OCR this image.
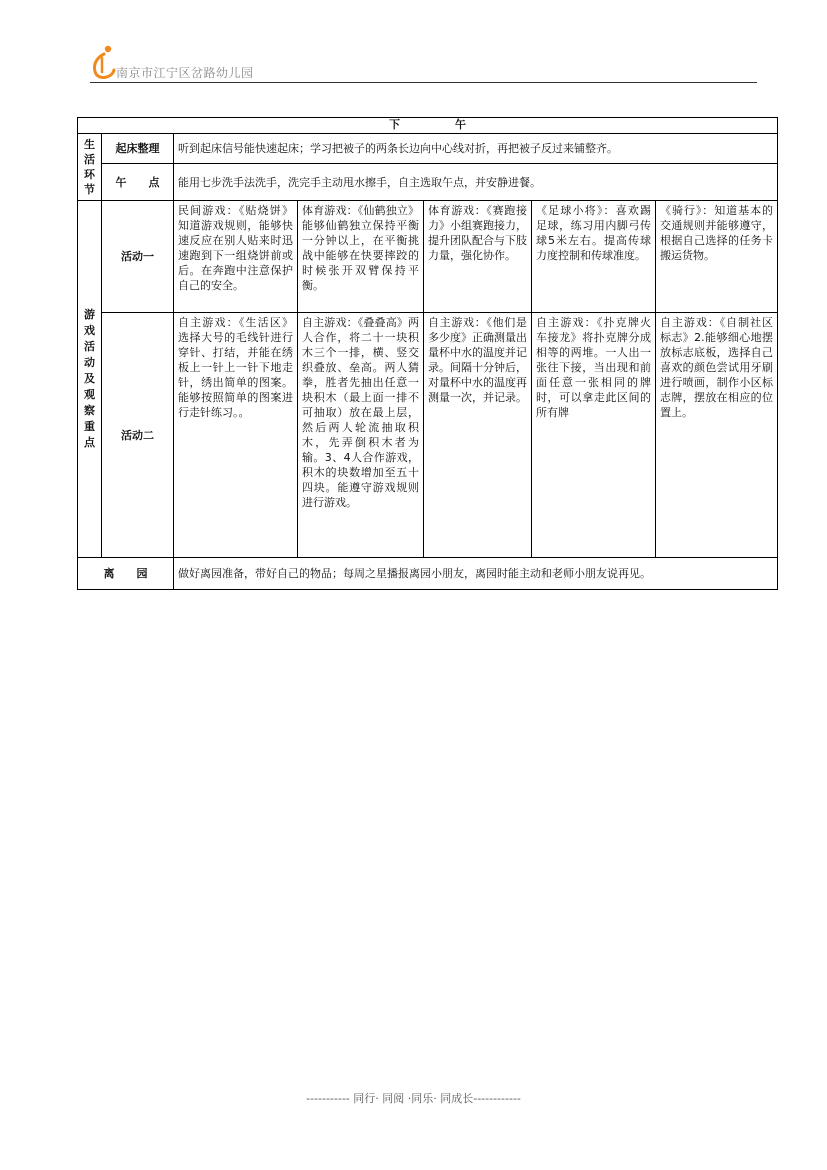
南京市江宁区岔路幼儿园
下　　　　　午						
生活环节	起床整理	听到起床信号能快速起床；学习把被子的两条长边向中心线对折，再把被子反过来铺整齐。				
	午　　点	能用七步洗手法洗手，洗完手主动甩水擦手，自主选取午点，并安静进餐。				
游戏活动及观察重点	活动一	民间游戏：《贴烧饼》知道游戏规则，能够快速反应在别人贴来时迅速跑到下一组烧饼前或后。在奔跑中注意保护自己的安全。	体育游戏：《仙鹤独立》能够仙鹤独立保持平衡一分钟以上，在平衡挑战中能够在快要摔跤的时候张开双臂保持平衡。	体育游戏：《赛跑接力》小组赛跑接力，提升团队配合与下肢力量，强化协作。	《足球小将》：喜欢踢足球，练习用内脚弓传球5米左右。提高传球力度控制和传球准度。	《骑行》：知道基本的交通规则并能够遵守，根据自己选择的任务卡搬运货物。
	活动二	自主游戏：《生活区》选择大号的毛线针进行穿针、打结，并能在绣板上一针上一针下地走针，绣出简单的图案。能够按照简单的图案进行走针练习。。	自主游戏：《叠叠高》两人合作，将二十一块积木三个一排，横、竖交织叠放、垒高。两人猜拳，胜者先抽出任意一块积木（最上面一排不可抽取）放在最上层，然后两人轮流抽取积木，先弄倒积木者为输。3、4人合作游戏，积木的块数增加至五十四块。能遵守游戏规则进行游戏。	自主游戏：《他们是多少度》正确测量出量杯中水的温度并记录。间隔十分钟后，对量杯中水的温度再测量一次，并记录。	自主游戏：《扑克牌火车接龙》将扑克牌分成相等的两堆。一人出一张往下接，当出现和前面任意一张相同的牌时，可以拿走此区间的所有牌	自主游戏：《自制社区标志》2.能够细心地摆放标志底板，选择自己喜欢的颜色尝试用牙刷进行喷画，制作小区标志牌，摆放在相应的位置上。
离　　园		做好离园准备，带好自己的物品；每周之星播报离园小朋友，离园时能主动和老师小朋友说再见。				
----------- 同行· 同阅 ·同乐· 同成长------------
